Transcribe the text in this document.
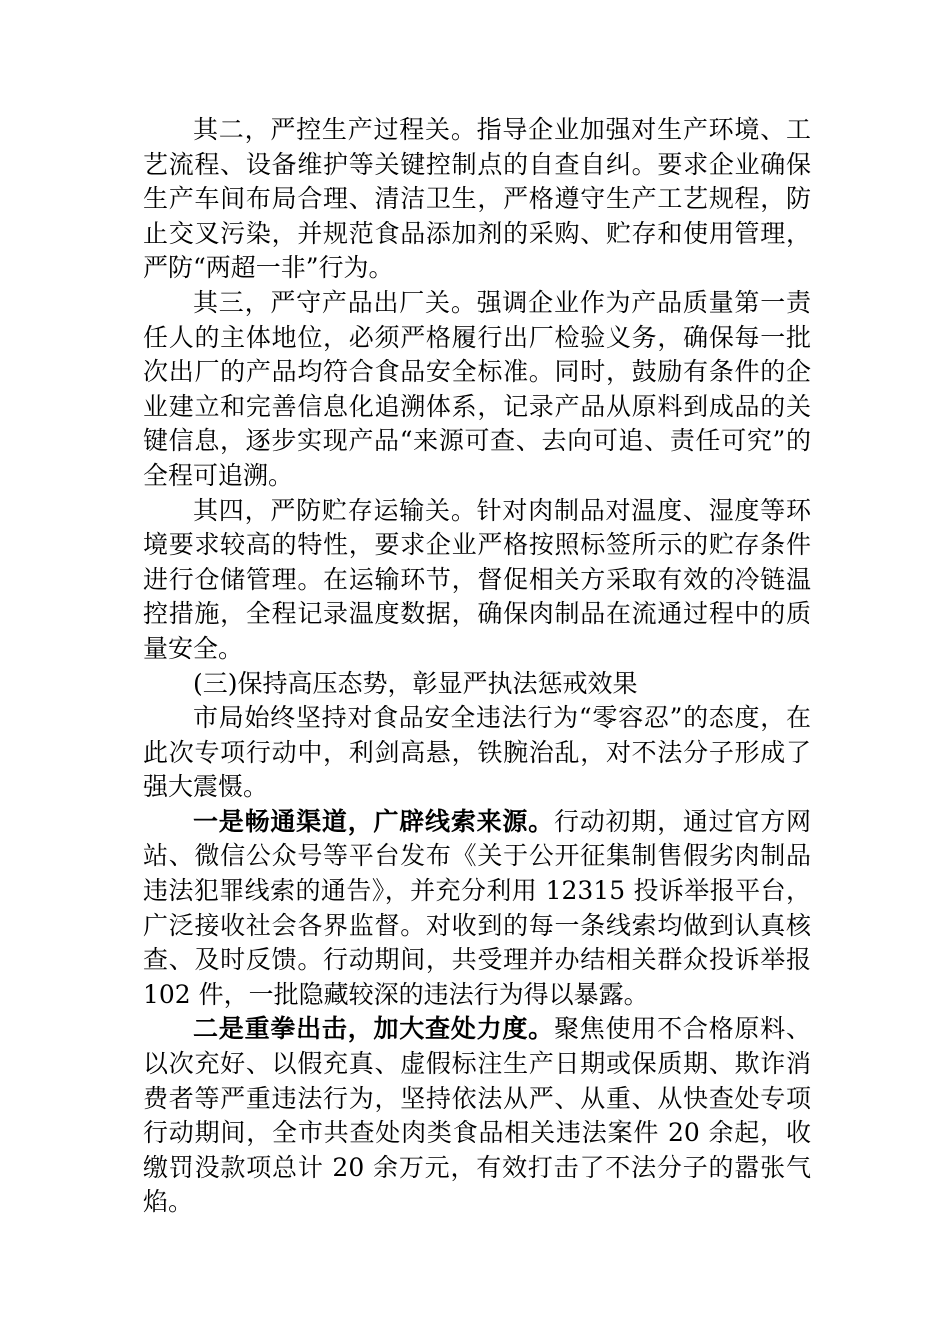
其二，严控生产过程关。指导企业加强对生产环境、工艺流程、设备维护等关键控制点的自查自纠。要求企业确保生产车间布局合理、清洁卫生，严格遵守生产工艺规程，防止交叉污染，并规范食品添加剂的采购、贮存和使用管理，严防“两超一非”行为。

其三，严守产品出厂关。强调企业作为产品质量第一责任人的主体地位，必须严格履行出厂检验义务，确保每一批次出厂的产品均符合食品安全标准。同时，鼓励有条件的企业建立和完善信息化追溯体系，记录产品从原料到成品的关键信息，逐步实现产品“来源可查、去向可追、责任可究”的全程可追溯。

其四，严防贮存运输关。针对肉制品对温度、湿度等环境要求较高的特性，要求企业严格按照标签所示的贮存条件进行仓储管理。在运输环节，督促相关方采取有效的冷链温控措施，全程记录温度数据，确保肉制品在流通过程中的质量安全。

(三)保持高压态势，彰显严执法惩戒效果

市局始终坚持对食品安全违法行为“零容忍”的态度，在此次专项行动中，利剑高悬，铁腕治乱，对不法分子形成了强大震慑。

一是畅通渠道，广辟线索来源。行动初期，通过官方网站、微信公众号等平台发布《关于公开征集制售假劣肉制品违法犯罪线索的通告》，并充分利用 12315 投诉举报平台，广泛接收社会各界监督。对收到的每一条线索均做到认真核查、及时反馈。行动期间，共受理并办结相关群众投诉举报 102 件，一批隐藏较深的违法行为得以暴露。

二是重拳出击，加大查处力度。聚焦使用不合格原料、以次充好、以假充真、虚假标注生产日期或保质期、欺诈消费者等严重违法行为，坚持依法从严、从重、从快查处专项行动期间，全市共查处肉类食品相关违法案件 20 余起，收缴罚没款项总计 20 余万元，有效打击了不法分子的嚣张气焰。
